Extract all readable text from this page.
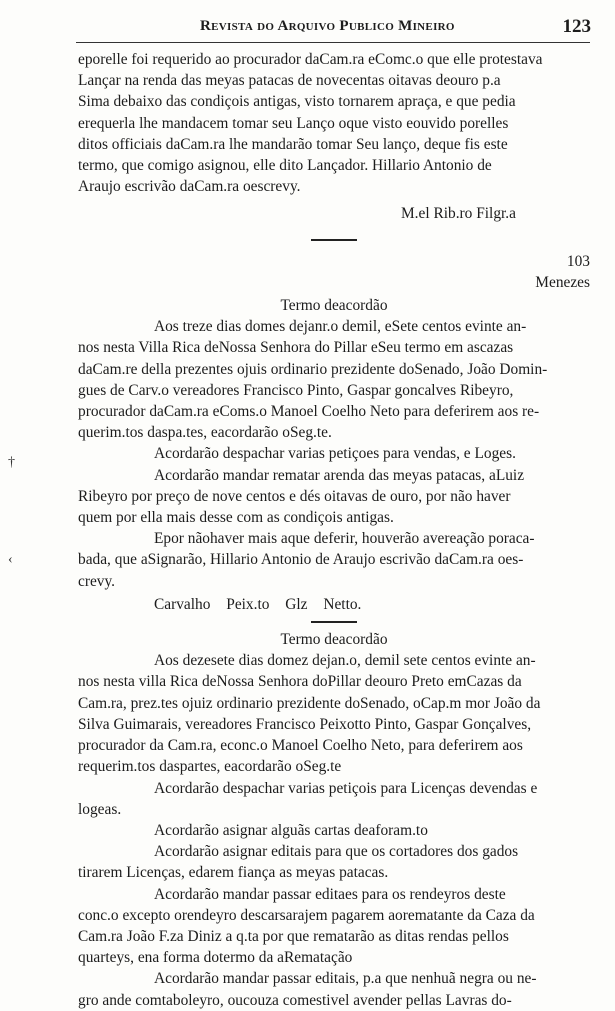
Revista do Arquivo Publico Mineiro	123
†
‹
eporelle foi requerido ao procurador daCam.ra eComc.o que elle protestava
Lançar na renda das meyas patacas de novecentas oitavas deouro p.a
Sima debaixo das condiçois antigas, visto tornarem apraça, e que pedia
erequerla lhe mandacem tomar seu Lanço oque visto eouvido porelles
ditos officiais daCam.ra lhe mandarão tomar Seu lanço, deque fis este
termo, que comigo asignou, elle dito Lançador. Hillario Antonio de
Araujo escrivão daCam.ra oescrevy.
M.el Rib.ro Filgr.a
103
Menezes
Termo deacordão
Aos treze dias domes dejanr.o demil, eSete centos evinte an-
nos nesta Villa Rica deNossa Senhora do Pillar eSeu termo em ascazas
daCam.re della prezentes ojuis ordinario prezidente doSenado, João Domin-
gues de Carv.o vereadores Francisco Pinto, Gaspar goncalves Ribeyro,
procurador daCam.ra eComs.o Manoel Coelho Neto para deferirem aos re-
querim.tos daspa.tes, eacordarão oSeg.te.
Acordarão despachar varias petiçoes para vendas, e Loges.
Acordarão mandar rematar arenda das meyas patacas, aLuiz
Ribeyro por preço de nove centos e dés oitavas de ouro, por não haver
quem por ella mais desse com as condiçois antigas.
Epor nãohaver mais aque deferir, houverão avereação poraca-
bada, que aSignarão, Hillario Antonio de Araujo escrivão daCam.ra oes-
crevy.
Carvalho Peix.to Glz Netto.
Termo deacordão
Aos dezesete dias domez dejan.o, demil sete centos evinte an-
nos nesta villa Rica deNossa Senhora doPillar deouro Preto emCazas da
Cam.ra, prez.tes ojuiz ordinario prezidente doSenado, oCap.m mor João da
Silva Guimarais, vereadores Francisco Peixotto Pinto, Gaspar Gonçalves,
procurador da Cam.ra, econc.o Manoel Coelho Neto, para deferirem aos
requerim.tos daspartes, eacordarão oSeg.te
Acordarão despachar varias petiçois para Licenças devendas e
logeas.
Acordarão asignar alguãs cartas deaforam.to
Acordarão asignar editais para que os cortadores dos gados
tirarem Licenças, edarem fiança as meyas patacas.
Acordarão mandar passar editaes para os rendeyros deste
conc.o excepto orendeyro descarsarajem pagarem aorematante da Caza da
Cam.ra João F.za Diniz a q.ta por que rematarão as ditas rendas pellos
quarteys, ena forma dotermo da aRematação
Acordarão mandar passar editais, p.a que nenhuã negra ou ne-
gro ande comtaboleyro, oucouza comestivel avender pellas Lavras do-
